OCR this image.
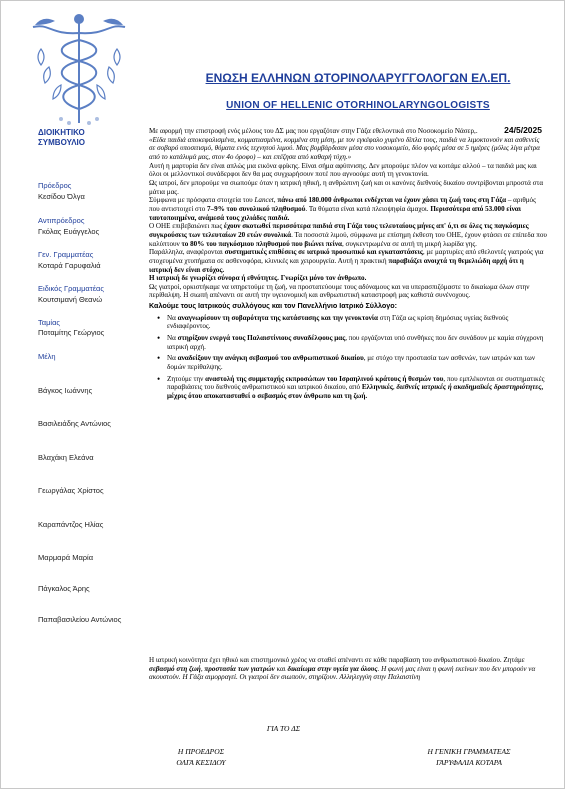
ΕΝΩΣΗ ΕΛΛΗΝΩΝ ΩΤΟΡΙΝΟΛΑΡΥΓΓΟΛΟΓΩΝ ΕΛ.ΕΠ.
UNION OF HELLENIC OTORHINOLARYNGOLOGISTS
24/5/2025
ΔΙΟΙΚΗΤΙΚΟ
ΣΥΜΒΟΥΛΙΟ
Πρόεδρος
Κεσίδου Όλγα
Αντιπρόεδρος
Γκόλας Ευάγγελος
Γεν. Γραμματέας
Κοταρά Γαρυφαλιά
Ειδικός Γραμματέας
Κουτσιμανή Θεανώ
Ταμίας
Ποταμίτης Γεώργιος
Μέλη
Βάγκος Ιωάννης
Βασιλειάδης Αντώνιος
Βλαχάκη Ελεάνα
Γεωργάλας Χρίστος
Καραπάντζος Ηλίας
Μαρμαρά Μαρία
Πάγκαλος Άρης
Παπαβασιλείου Αντώνιος

Με αφορμή την επιστροφή ενός μέλους του ΔΣ μας που εργαζόταν στην Γάζα εθελοντικά στο Νοσοκομείο Νάσερ,.

«Είδα παιδιά αποκεφαλισμένα, κομματιασμένα, κομμένα στη μέση, με τον εγκέφαλο χυμένο δίπλα τους, παιδιά να λιμοκτονούν και ασθενείς σε σοβαρό υποσιτισμό, θύματα ενός τεχνητού λιμού. Μας βομβάρδισαν μέσα στο νοσοκομείο, δύο φορές μέσα σε 5 ημέρες (μόλις λίγα μέτρα από το κατάλυμά μας, στον 4ο όροφο) – και επέζησα από καθαρή τύχη.»

Αυτή η μαρτυρία δεν είναι απλώς μια εικόνα φρίκης. Είναι σήμα αφύπνισης. Δεν μπορούμε πλέον να κοιτάμε αλλού – τα παιδιά μας και όλοι οι μελλοντικοί συνάδερφοι δεν θα μας συγχωρήσουν ποτέ που αγνοούμε αυτή τη γενοκτονία.

Ως ιατροί, δεν μπορούμε να σιωπούμε όταν η ιατρική ηθική, η ανθρώπινη ζωή και οι κανόνες διεθνούς δικαίου συντρίβονται μπροστά στα μάτια μας.

Σύμφωνα με πρόσφατα στοιχεία του Lancet, πάνω από 180.000 άνθρωποι ενδέχεται να έχουν χάσει τη ζωή τους στη Γάζα – αριθμός που αντιστοιχεί στο 7–9% του συνολικού πληθυσμού. Τα θύματα είναι κατά πλειοψηφία άμαχοι. Περισσότερα από 53.000 είναι ταυτοποιημένα, ανάμεσά τους χιλιάδες παιδιά.

Ο ΟΗΕ επιβεβαιώνει πως έχουν σκοτωθεί περισσότερα παιδιά στη Γάζα τους τελευταίους μήνες απ' ό,τι σε όλες τις παγκόσμιες συγκρούσεις των τελευταίων 20 ετών συνολικά. Τα ποσοστά λιμού, σύμφωνα με επίσημη έκθεση του ΟΗΕ, έχουν φτάσει σε επίπεδα που καλύπτουν το 80% του παγκόσμιου πληθυσμού που βιώνει πείνα, συγκεντρωμένα σε αυτή τη μικρή λωρίδα γης.

Παράλληλα, αναφέρονται συστηματικές επιθέσεις σε ιατρικό προσωπικό και εγκαταστάσεις, με μαρτυρίες από εθελοντές γιατρούς για στοχευμένα χτυπήματα σε ασθενοφόρα, κλινικές και χειρουργεία. Αυτή η πρακτική παραβιάζει ανοιχτά τη θεμελιώδη αρχή ότι η ιατρική δεν είναι στόχος.

Η ιατρική δε γνωρίζει σύνορα ή εθνότητες. Γνωρίζει μόνο τον άνθρωπο.

Ως γιατροί, ορκιστήκαμε να υπηρετούμε τη ζωή, να προστατεύουμε τους αδύναμους και να υπερασπιζόμαστε το δικαίωμα όλων στην περίθαλψη. Η σιωπή απέναντι σε αυτή την υγειονομική και ανθρωπιστική καταστροφή μας καθιστά συνένοχους.

Καλούμε τους Ιατρικούς συλλόγους και τον Πανελλήνιο Ιατρικό Σύλλογο:

• Να αναγνωρίσουν τη σοβαρότητα της κατάστασης και την γενοκτονία στη Γάζα ως κρίση δημόσιας υγείας διεθνούς ενδιαφέροντος.
• Να στηρίξουν ενεργά τους Παλαιστίνιους συναδέλφους μας, που εργάζονται υπό συνθήκες που δεν συνάδουν με καμία σύγχρονη ιατρική αρχή.
• Να αναδείξουν την ανάγκη σεβασμού του ανθρωπιστικού δικαίου, με στόχο την προστασία των ασθενών, των ιατρών και των δομών περίθαλψης.
• Ζητούμε την αναστολή της συμμετοχής εκπροσώπων του Ισραηλινού κράτους ή θεσμών του, που εμπλέκονται σε συστηματικές παραβιάσεις του διεθνούς ανθρωπιστικού και ιατρικού δικαίου, από Ελληνικές, διεθνείς ιατρικές ή ακαδημαϊκές δραστηριότητες, μέχρις ότου αποκατασταθεί ο σεβασμός στον άνθρωπο και τη ζωή.
Η ιατρική κοινότητα έχει ηθικό και επιστημονικό χρέος να σταθεί απέναντι σε κάθε παραβίαση του ανθρωπιστικού δικαίου. Ζητάμε σεβασμό στη ζωή, προστασία των γιατρών και δικαίωμα στην υγεία για όλους. Η φωνή μας είναι η φωνή εκείνων που δεν μπορούν να ακουστούν. Η Γάζα αιμορραγεί. Οι γιατροί δεν σιωπούν, στηρίζουν. Αλληλεγγύη στην Παλαιστίνη
ΓΙΑ ΤΟ ΔΣ
Η ΠΡΟΕΔΡΟΣ
ΟΛΓΑ ΚΕΣΙΔΟΥ
Η ΓΕΝΙΚΗ ΓΡΑΜΜΑΤΕΑΣ
ΓΑΡΥΦΑΛΙΑ ΚΟΤΑΡΑ
